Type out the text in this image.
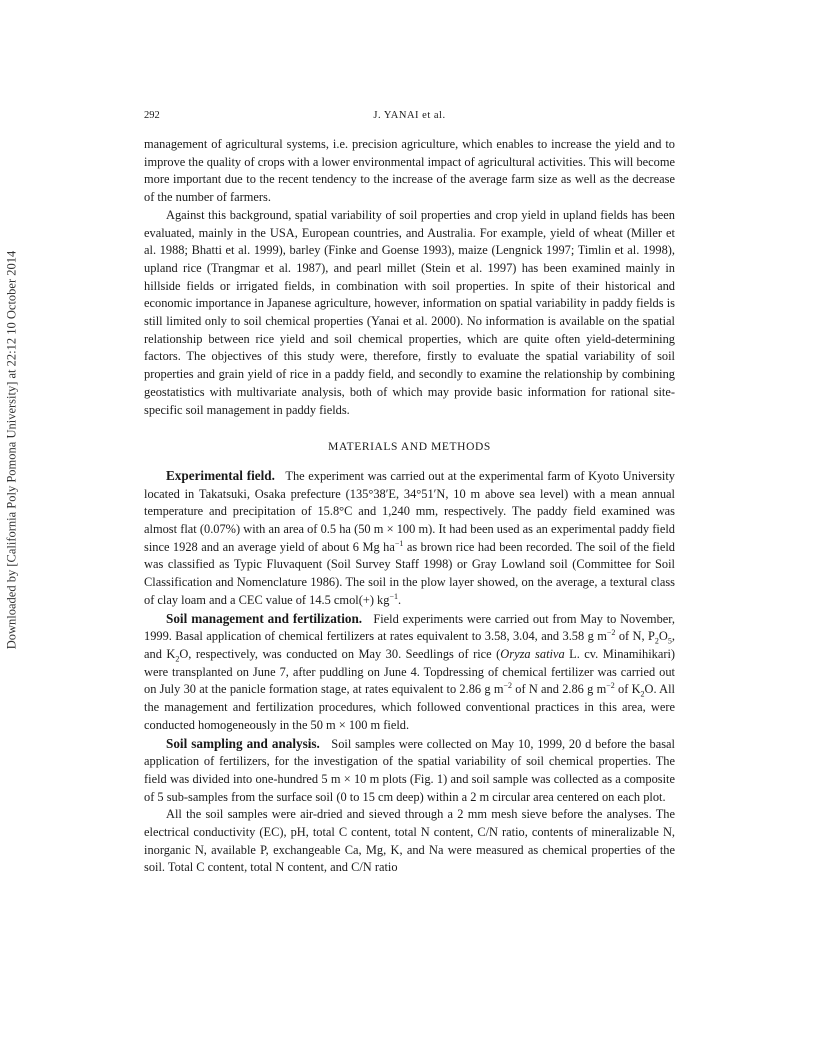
Downloaded by [California Poly Pomona University] at 22:12 10 October 2014
292	J. YANAI et al.

management of agricultural systems, i.e. precision agriculture, which enables to increase the yield and to improve the quality of crops with a lower environmental impact of agricultural activities. This will become more important due to the recent tendency to the increase of the average farm size as well as the decrease of the number of farmers.

Against this background, spatial variability of soil properties and crop yield in upland fields has been evaluated, mainly in the USA, European countries, and Australia. For example, yield of wheat (Miller et al. 1988; Bhatti et al. 1999), barley (Finke and Goense 1993), maize (Lengnick 1997; Timlin et al. 1998), upland rice (Trangmar et al. 1987), and pearl millet (Stein et al. 1997) has been examined mainly in hillside fields or irrigated fields, in combination with soil properties. In spite of their historical and economic importance in Japanese agriculture, however, information on spatial variability in paddy fields is still limited only to soil chemical properties (Yanai et al. 2000). No information is available on the spatial relationship between rice yield and soil chemical properties, which are quite often yield-determining factors. The objectives of this study were, therefore, firstly to evaluate the spatial variability of soil properties and grain yield of rice in a paddy field, and secondly to examine the relationship by combining geostatistics with multivariate analysis, both of which may provide basic information for rational site-specific soil management in paddy fields.

MATERIALS AND METHODS

Experimental field. The experiment was carried out at the experimental farm of Kyoto University located in Takatsuki, Osaka prefecture (135°38′E, 34°51′N, 10 m above sea level) with a mean annual temperature and precipitation of 15.8°C and 1,240 mm, respectively. The paddy field examined was almost flat (0.07%) with an area of 0.5 ha (50 m × 100 m). It had been used as an experimental paddy field since 1928 and an average yield of about 6 Mg $ha^{-1}$ as brown rice had been recorded. The soil of the field was classified as Typic Fluvaquent (Soil Survey Staff 1998) or Gray Lowland soil (Committee for Soil Classification and Nomenclature 1986). The soil in the plow layer showed, on the average, a textural class of clay loam and a CEC value of 14.5 cmol(+) $kg^{-1}$.

Soil management and fertilization. Field experiments were carried out from May to November, 1999. Basal application of chemical fertilizers at rates equivalent to 3.58, 3.04, and 3.58 g $m^{-2}$ of N, $P_2O_5$, and $K_2O$, respectively, was conducted on May 30. Seedlings of rice (Oryza sativa L. cv. Minamihikari) were transplanted on June 7, after puddling on June 4. Topdressing of chemical fertilizer was carried out on July 30 at the panicle formation stage, at rates equivalent to 2.86 g $m^{-2}$ of N and 2.86 g $m^{-2}$ of $K_2O$. All the management and fertilization procedures, which followed conventional practices in this area, were conducted homogeneously in the 50 m × 100 m field.

Soil sampling and analysis. Soil samples were collected on May 10, 1999, 20 d before the basal application of fertilizers, for the investigation of the spatial variability of soil chemical properties. The field was divided into one-hundred 5 m × 10 m plots (Fig. 1) and soil sample was collected as a composite of 5 sub-samples from the surface soil (0 to 15 cm deep) within a 2 m circular area centered on each plot.

All the soil samples were air-dried and sieved through a 2 mm mesh sieve before the analyses. The electrical conductivity (EC), pH, total C content, total N content, C/N ratio, contents of mineralizable N, inorganic N, available P, exchangeable Ca, Mg, K, and Na were measured as chemical properties of the soil. Total C content, total N content, and C/N ratio
